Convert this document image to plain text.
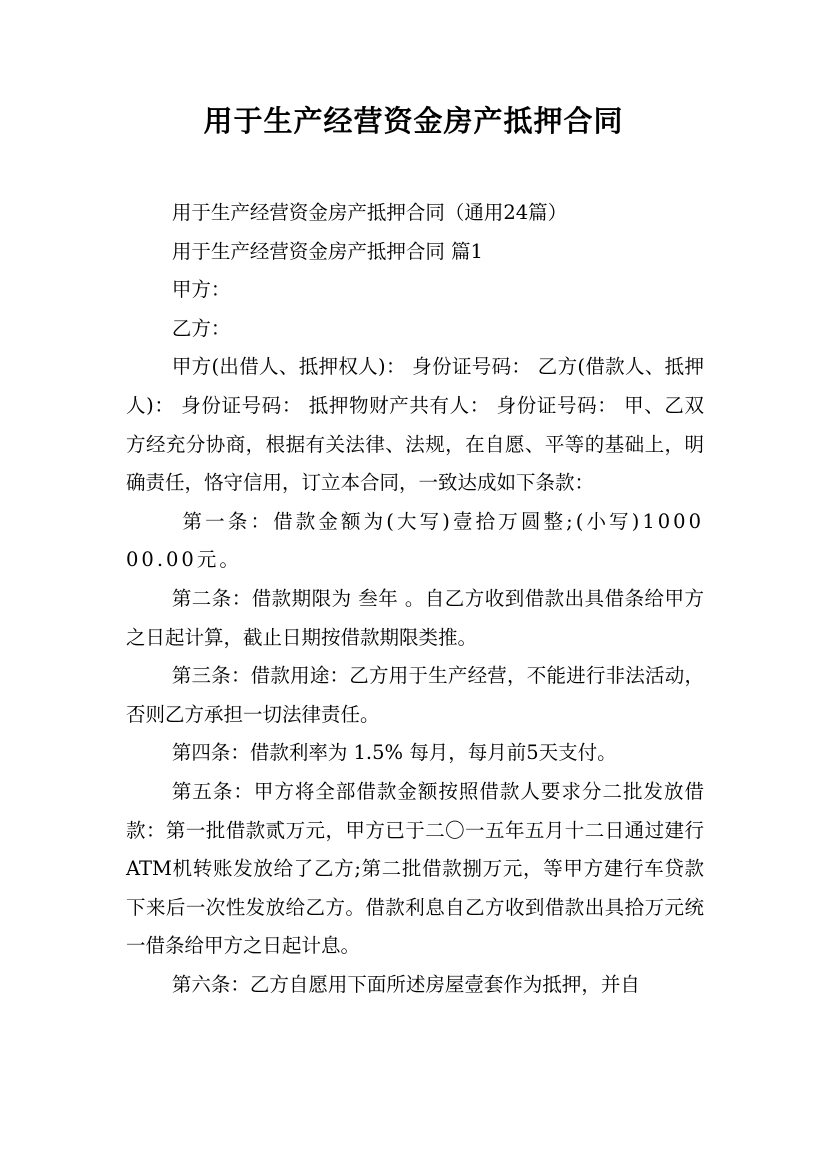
用于生产经营资金房产抵押合同

用于生产经营资金房产抵押合同（通用24篇）

用于生产经营资金房产抵押合同 篇1

甲方：

乙方：

甲方(出借人、抵押权人)： 身份证号码： 乙方(借款人、抵押人)： 身份证号码： 抵押物财产共有人： 身份证号码： 甲、乙双方经充分协商，根据有关法律、法规，在自愿、平等的基础上，明确责任，恪守信用，订立本合同，一致达成如下条款：

第一条：借款金额为(大写)壹拾万圆整;(小写)100000.00元。

第二条：借款期限为 叁年 。自乙方收到借款出具借条给甲方之日起计算，截止日期按借款期限类推。

第三条：借款用途：乙方用于生产经营，不能进行非法活动，否则乙方承担一切法律责任。

第四条：借款利率为 1.5% 每月，每月前5天支付。

第五条：甲方将全部借款金额按照借款人要求分二批发放借款：第一批借款贰万元，甲方已于二〇一五年五月十二日通过建行ATM机转账发放给了乙方;第二批借款捌万元，等甲方建行车贷款下来后一次性发放给乙方。借款利息自乙方收到借款出具拾万元统一借条给甲方之日起计息。

第六条：乙方自愿用下面所述房屋壹套作为抵押，并自
